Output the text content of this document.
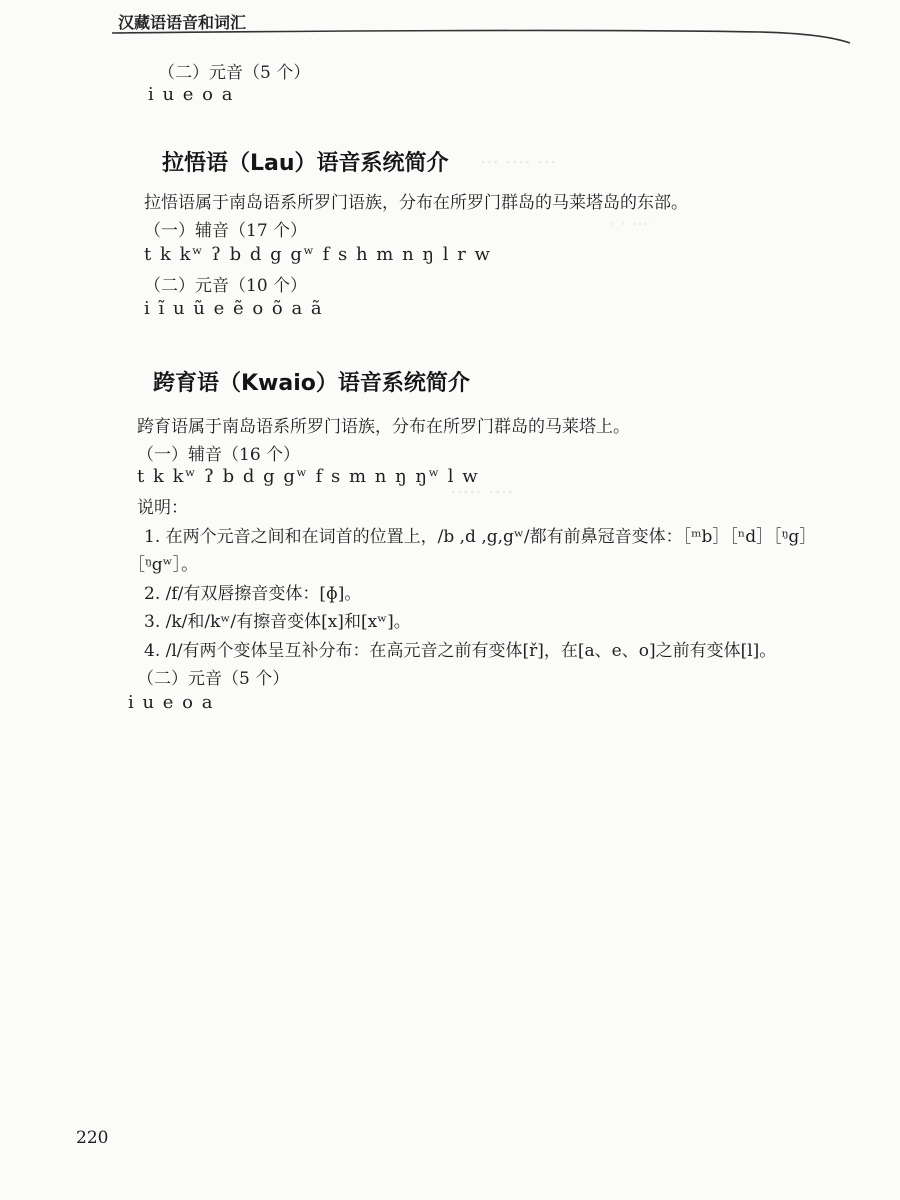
汉藏语语音和词汇
··· ···· ···
· · ··· ·
····· ····
（二）元音（5 个）
i u e o a
拉悟语（Lau）语音系统简介
拉悟语属于南岛语系所罗门语族，分布在所罗门群岛的马莱塔岛的东部。
（一）辅音（17 个）
t k kʷ ʔ b d g gʷ f s h m n ŋ l r w
（二）元音（10 个）
i ĩ u ũ e ẽ o õ a ã
跨育语（Kwaio）语音系统简介
跨育语属于南岛语系所罗门语族，分布在所罗门群岛的马莱塔上。
（一）辅音（16 个）
t k kʷ ʔ b d g gʷ f s m n ŋ ŋʷ l w
说明：
1. 在两个元音之间和在词首的位置上，/b ,d ,g,gʷ/都有前鼻冠音变体：［ᵐb］［ⁿd］［ᵑg］
［ᵑgʷ］。
2. /f/有双唇擦音变体：[ɸ]。
3. /k/和/kʷ/有擦音变体[x]和[xʷ]。
4. /l/有两个变体呈互补分布：在高元音之前有变体[ř]，在[a、e、o]之前有变体[l]。
（二）元音（5 个）
i u e o a
220
